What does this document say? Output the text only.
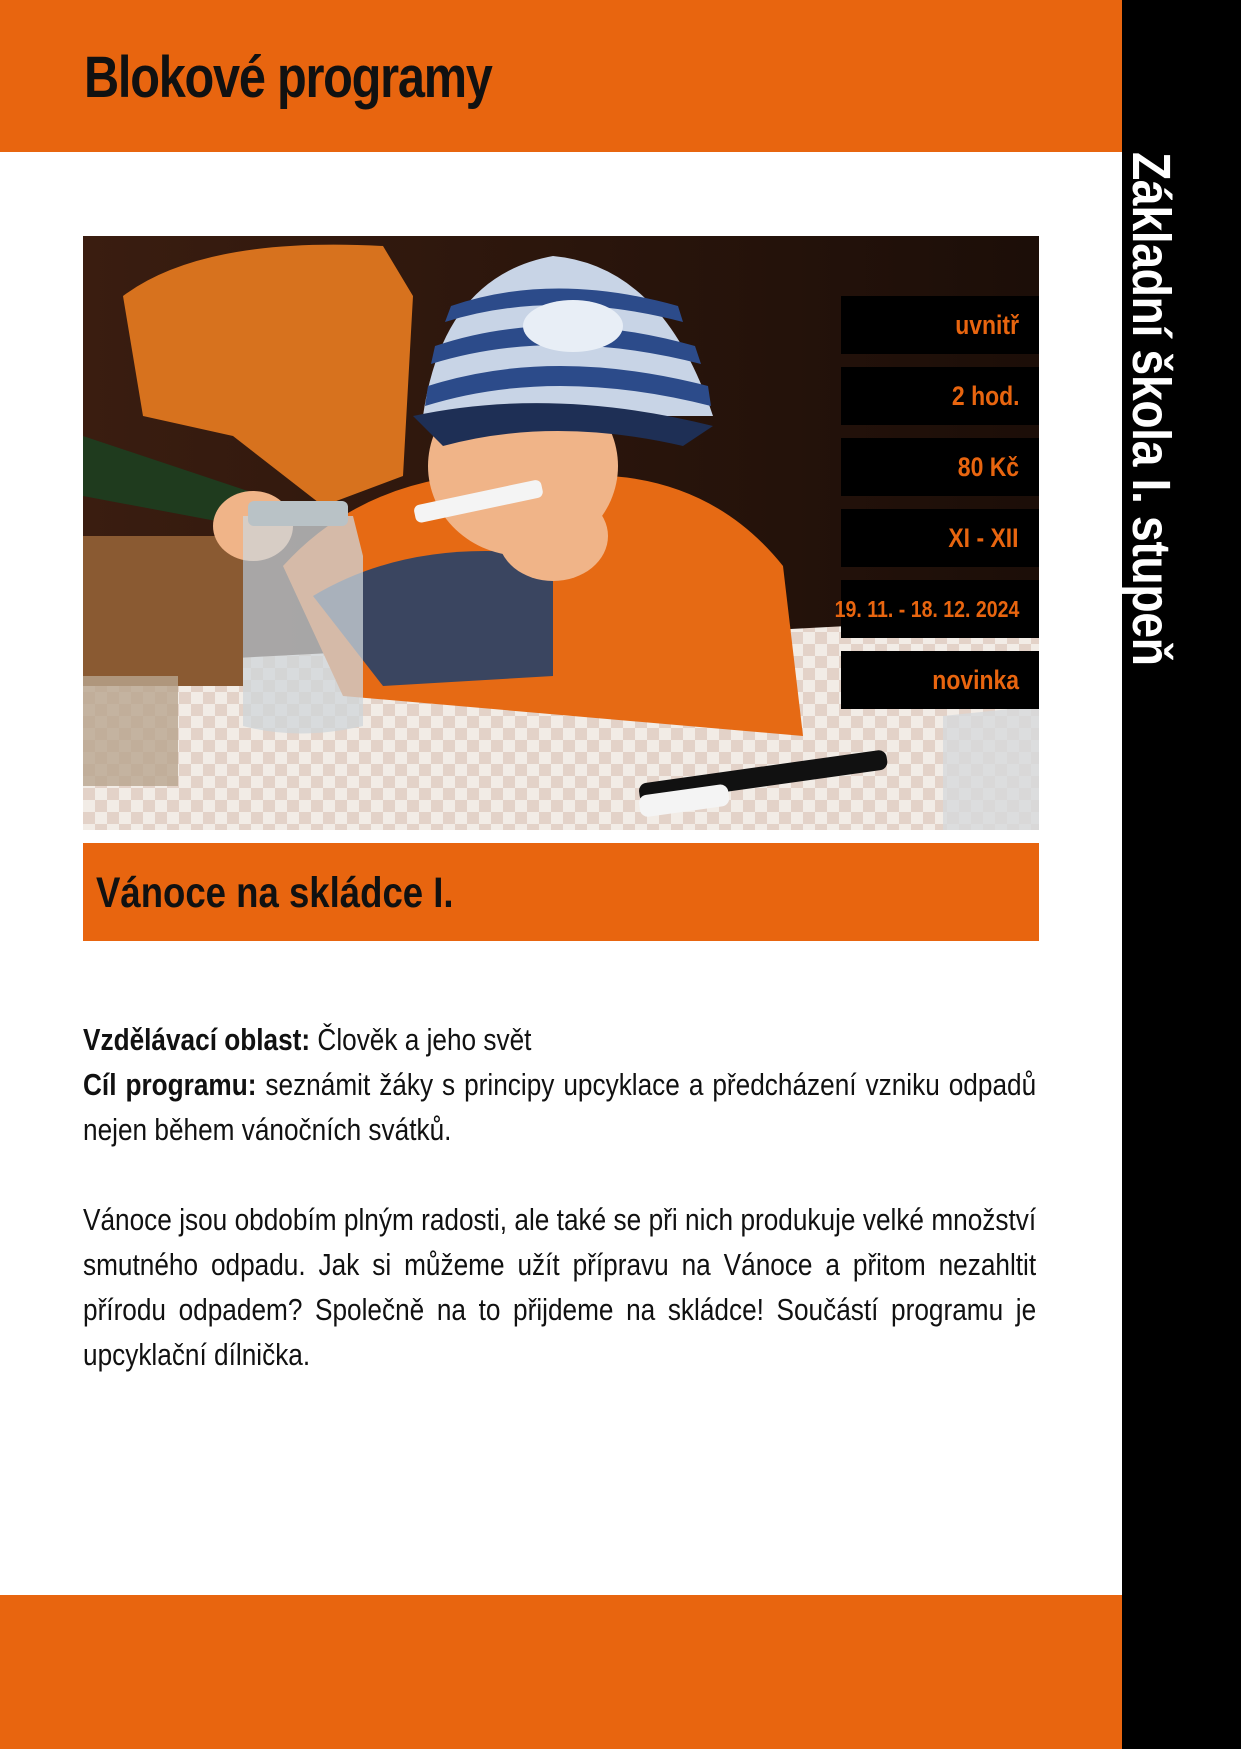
Blokové programy
Základní škola I. stupeň
uvnitř
2 hod.
80 Kč
XI - XII
19. 11. - 18. 12. 2024
novinka
Vánoce na skládce I.

Vzdělávací oblast: Člověk a jeho svět

Cíl programu: seznámit žáky s principy upcyklace a předcházení vzniku odpadů nejen během vánočních svátků.

Vánoce jsou obdobím plným radosti, ale také se při nich produkuje velké množství smutného odpadu. Jak si můžeme užít přípravu na Vánoce a přitom nezahltit přírodu odpadem? Společně na to přijdeme na skládce! Součástí programu je upcyklační dílnička.
